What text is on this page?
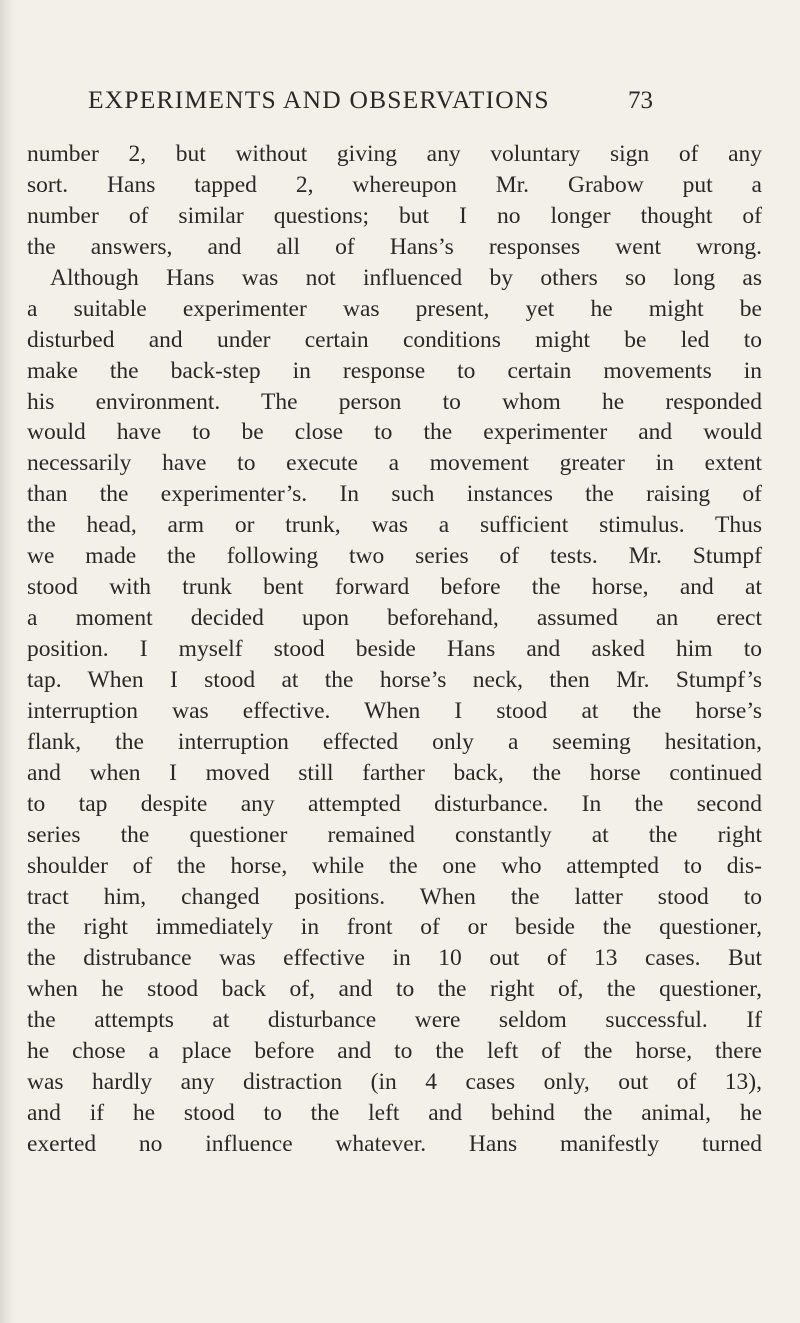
EXPERIMENTS AND OBSERVATIONS	73
number 2, but without giving any voluntary sign of any
sort. Hans tapped 2, whereupon Mr. Grabow put a
number of similar questions; but I no longer thought of
the answers, and all of Hans’s responses went wrong.
Although Hans was not influenced by others so long as
a suitable experimenter was present, yet he might be
disturbed and under certain conditions might be led to
make the back-step in response to certain movements in
his environment. The person to whom he responded
would have to be close to the experimenter and would
necessarily have to execute a movement greater in extent
than the experimenter’s. In such instances the raising of
the head, arm or trunk, was a sufficient stimulus. Thus
we made the following two series of tests. Mr. Stumpf
stood with trunk bent forward before the horse, and at
a moment decided upon beforehand, assumed an erect
position. I myself stood beside Hans and asked him to
tap. When I stood at the horse’s neck, then Mr. Stumpf’s
interruption was effective. When I stood at the horse’s
flank, the interruption effected only a seeming hesitation,
and when I moved still farther back, the horse continued
to tap despite any attempted disturbance. In the second
series the questioner remained constantly at the right
shoulder of the horse, while the one who attempted to dis-
tract him, changed positions. When the latter stood to
the right immediately in front of or beside the questioner,
the distrubance was effective in 10 out of 13 cases. But
when he stood back of, and to the right of, the questioner,
the attempts at disturbance were seldom successful. If
he chose a place before and to the left of the horse, there
was hardly any distraction (in 4 cases only, out of 13),
and if he stood to the left and behind the animal, he
exerted no influence whatever. Hans manifestly turned
